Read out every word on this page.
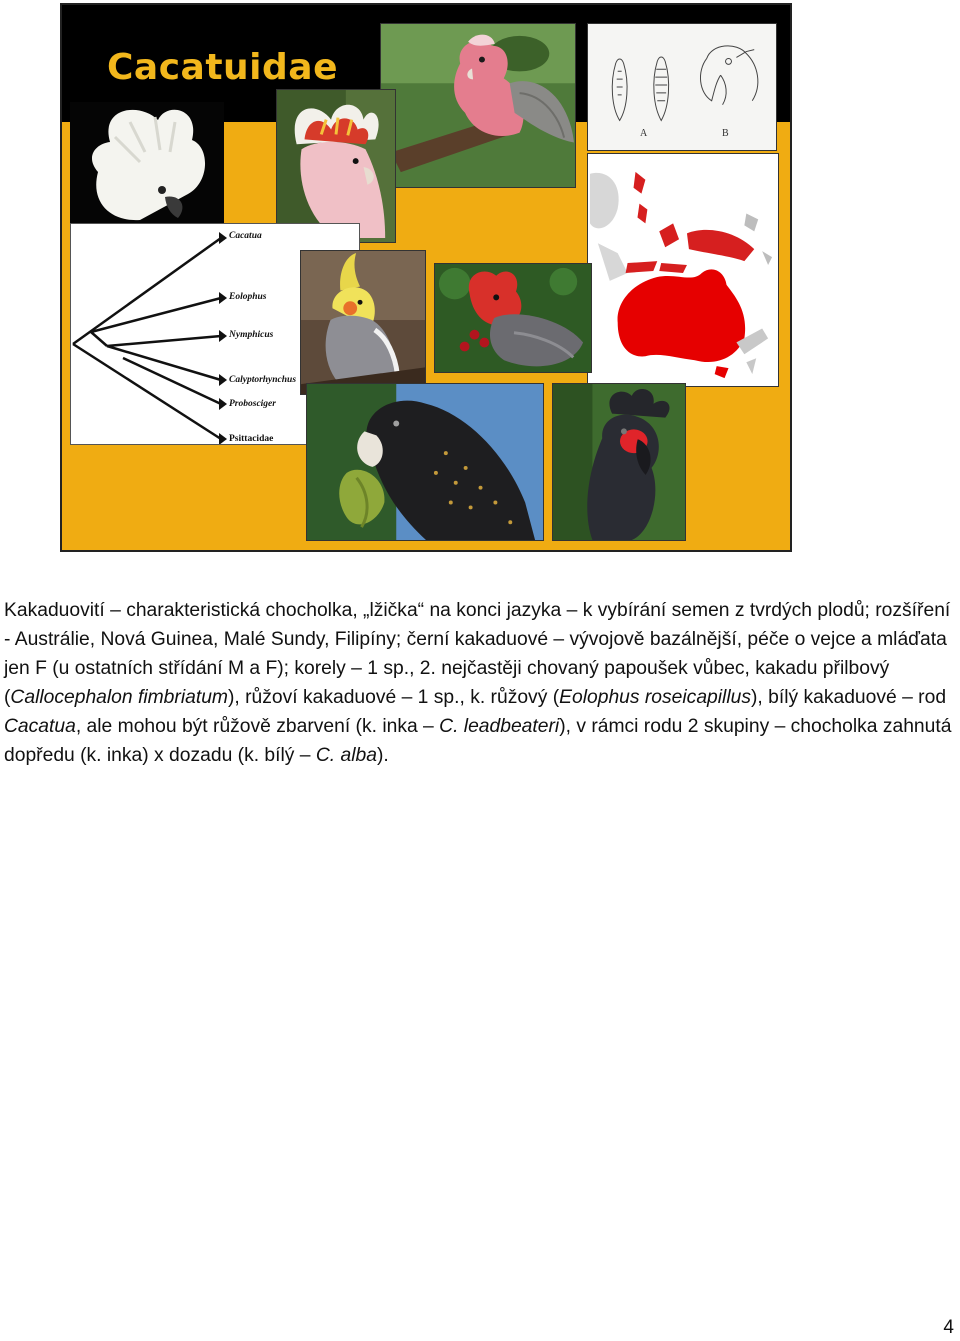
Cacatuidae
A	B
Cacatua
Eolophus
Nymphicus
Calyptorhynchus
Probosciger
Psittacidae

Kakaduovití – charakteristická chocholka, „lžička“ na konci jazyka – k vybírání semen z tvrdých plodů; rozšíření - Austrálie, Nová Guinea, Malé Sundy, Filipíny; černí kakaduové – vývojově bazálnější, péče o vejce a mláďata jen F (u ostatních střídání M a F); korely – 1 sp., 2. nejčastěji chovaný papoušek vůbec, kakadu přilbový (Callocephalon fimbriatum), růžoví kakaduové – 1 sp., k. růžový (Eolophus roseicapillus), bílý kakaduové – rod Cacatua, ale mohou být růžově zbarvení (k. inka – C. leadbeateri), v rámci rodu 2 skupiny – chocholka zahnutá dopředu (k. inka) x dozadu (k. bílý – C. alba).

4
